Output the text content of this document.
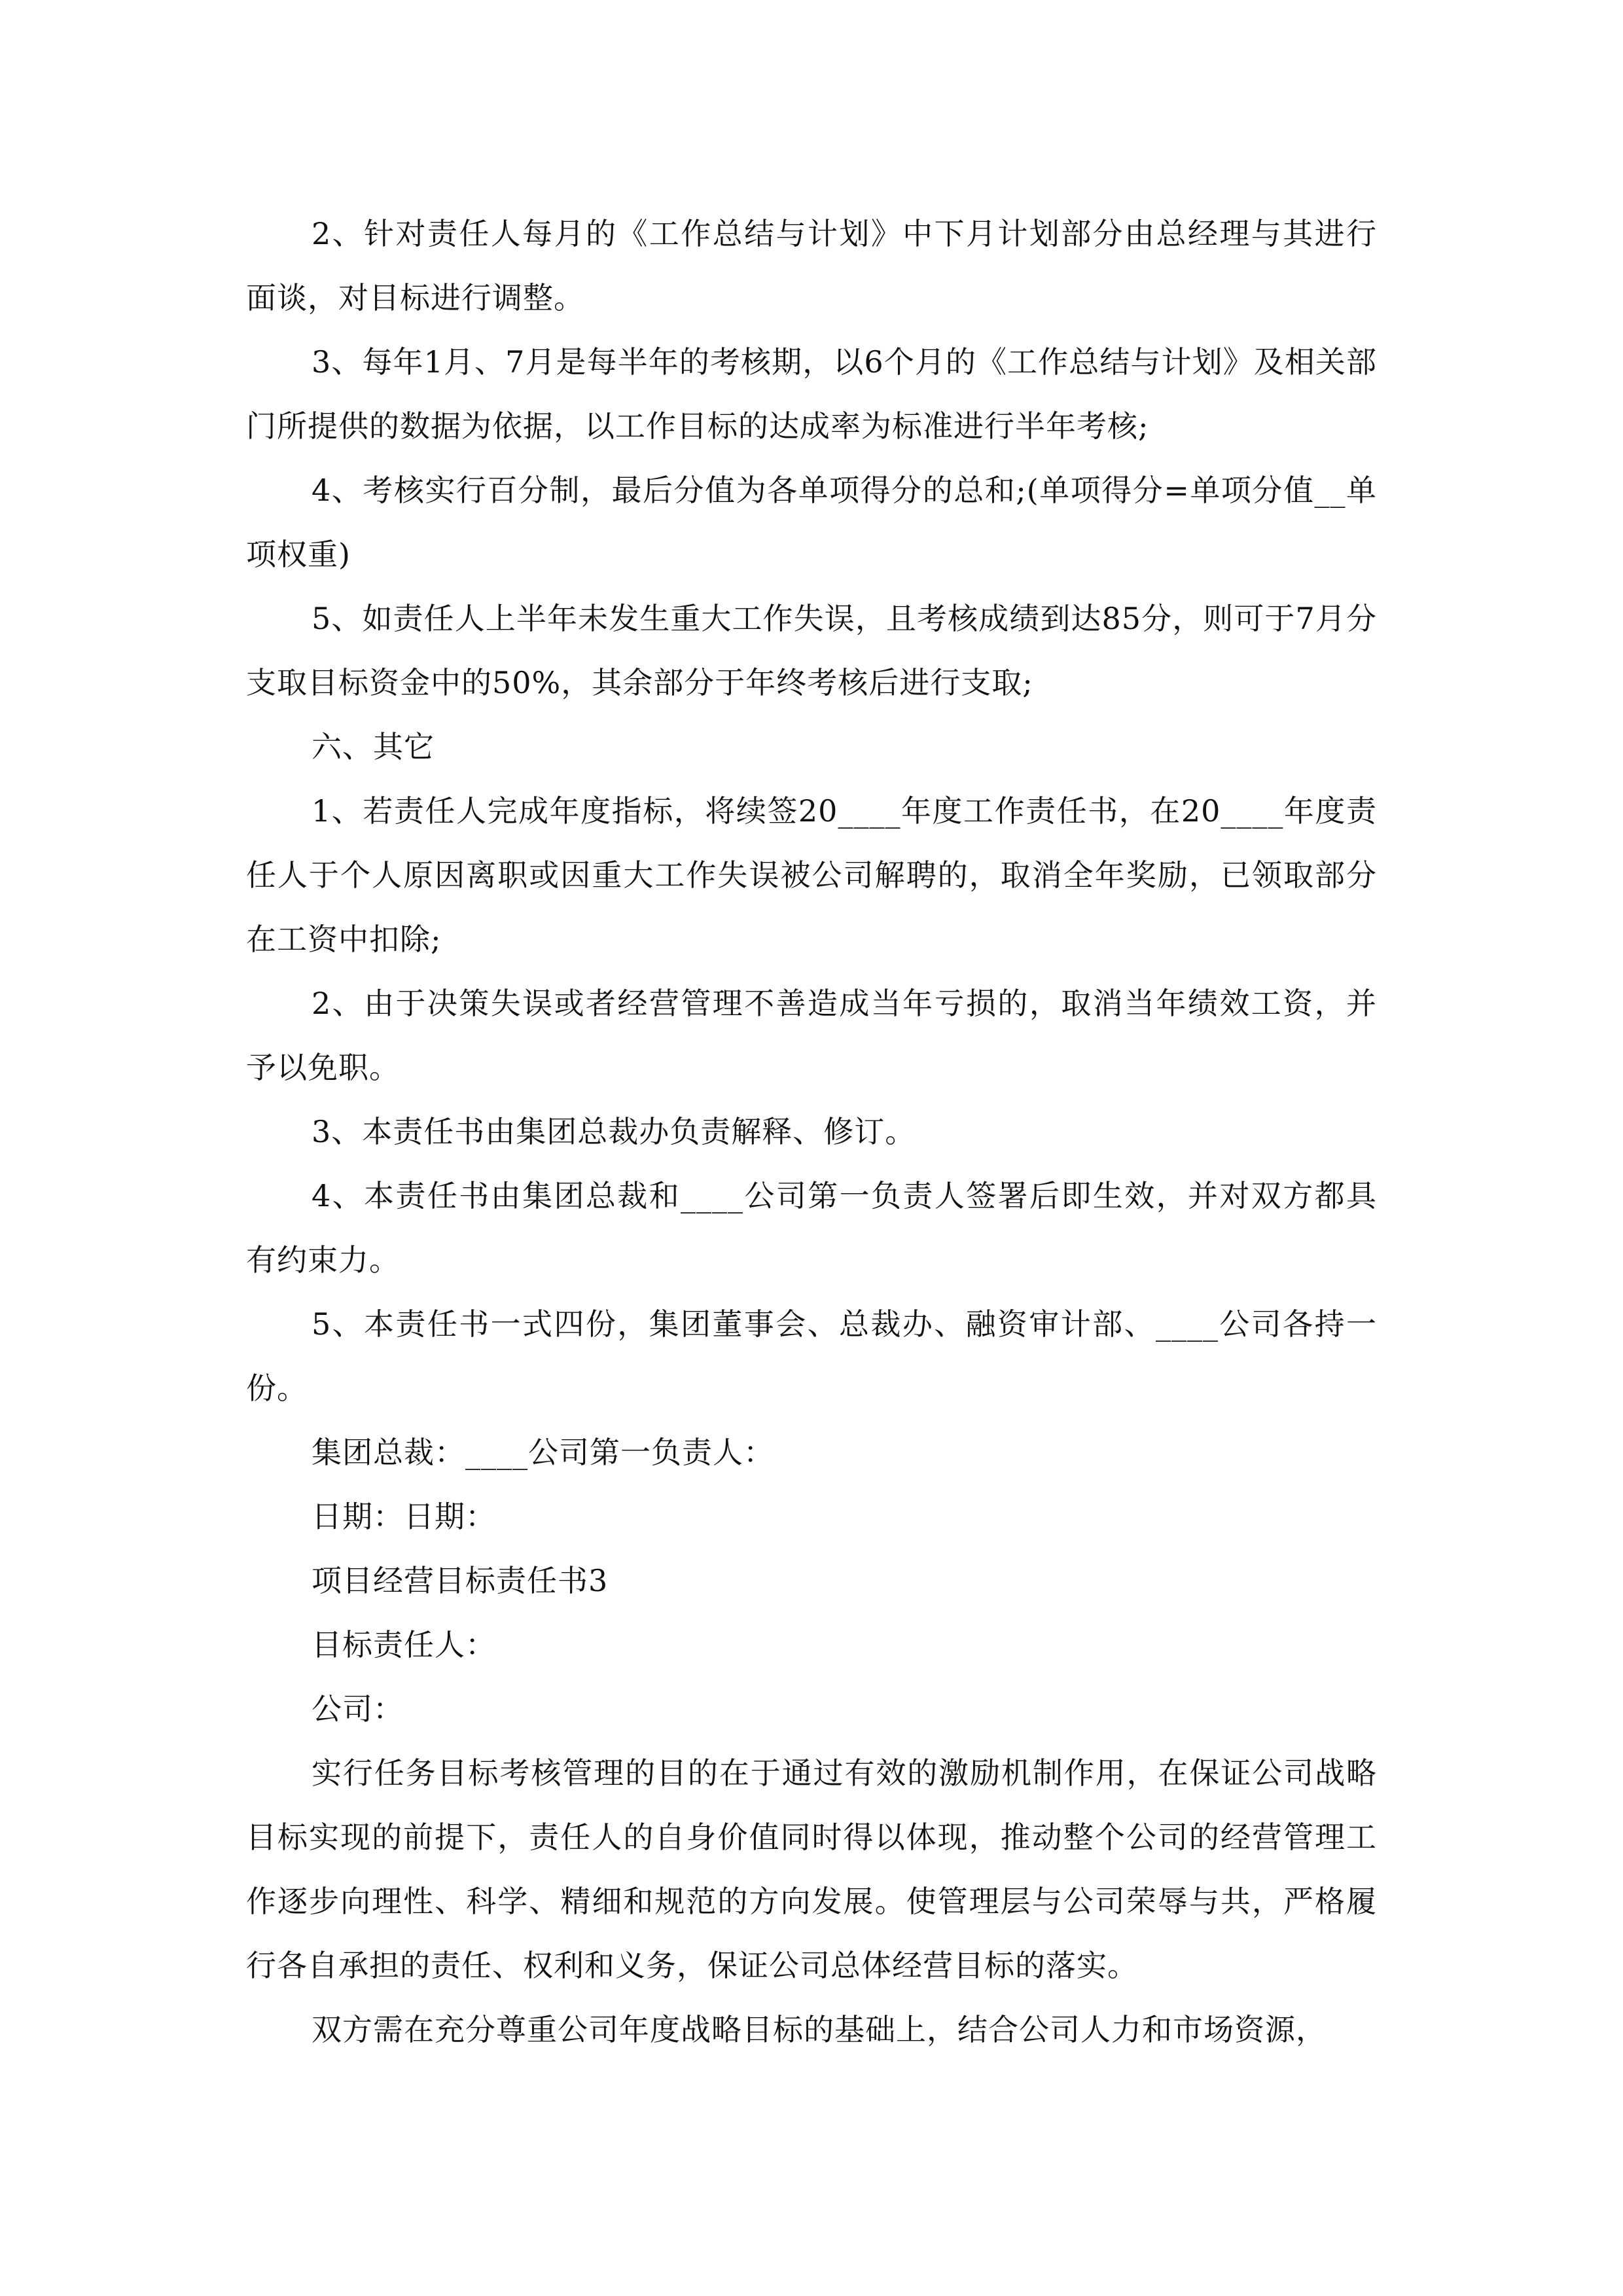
2、针对责任人每月的《工作总结与计划》中下月计划部分由总经理与其进行面谈，对目标进行调整。

3、每年1月、7月是每半年的考核期，以6个月的《工作总结与计划》及相关部门所提供的数据为依据，以工作目标的达成率为标准进行半年考核;

4、考核实行百分制，最后分值为各单项得分的总和;(单项得分=单项分值__单项权重)

5、如责任人上半年未发生重大工作失误，且考核成绩到达85分，则可于7月分支取目标资金中的50%，其余部分于年终考核后进行支取;

六、其它

1、若责任人完成年度指标，将续签20____年度工作责任书，在20____年度责任人于个人原因离职或因重大工作失误被公司解聘的，取消全年奖励，已领取部分在工资中扣除;

2、由于决策失误或者经营管理不善造成当年亏损的，取消当年绩效工资，并予以免职。

3、本责任书由集团总裁办负责解释、修订。

4、本责任书由集团总裁和____公司第一负责人签署后即生效，并对双方都具有约束力。

5、本责任书一式四份，集团董事会、总裁办、融资审计部、____公司各持一份。

集团总裁：____公司第一负责人：

日期：日期：

项目经营目标责任书3

目标责任人：

公司：

实行任务目标考核管理的目的在于通过有效的激励机制作用，在保证公司战略目标实现的前提下，责任人的自身价值同时得以体现，推动整个公司的经营管理工作逐步向理性、科学、精细和规范的方向发展。使管理层与公司荣辱与共，严格履行各自承担的责任、权利和义务，保证公司总体经营目标的落实。

双方需在充分尊重公司年度战略目标的基础上，结合公司人力和市场资源，
